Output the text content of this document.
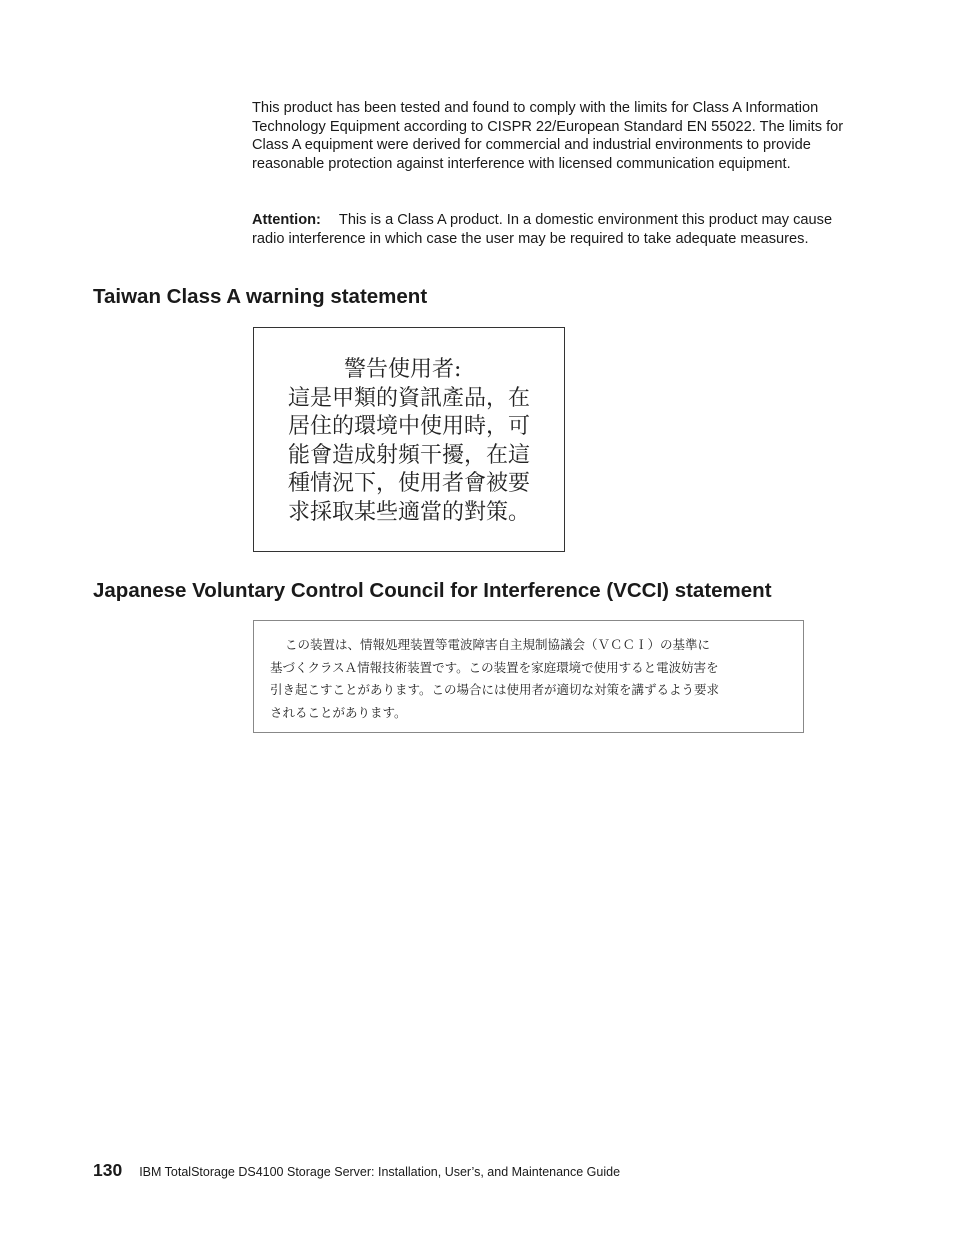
This product has been tested and found to comply with the limits for Class A Information Technology Equipment according to CISPR 22/European Standard EN 55022. The limits for Class A equipment were derived for commercial and industrial environments to provide reasonable protection against interference with licensed communication equipment.

Attention: This is a Class A product. In a domestic environment this product may cause radio interference in which case the user may be required to take adequate measures.

Taiwan Class A warning statement
警告使用者:
這是甲類的資訊產品，在
居住的環境中使用時，可
能會造成射頻干擾，在這
種情況下，使用者會被要
求採取某些適當的對策。
Japanese Voluntary Control Council for Interference (VCCI) statement
この装置は、情報処理装置等電波障害自主規制協議会（ＶＣＣＩ）の基準に
基づくクラスＡ情報技術装置です。この装置を家庭環境で使用すると電波妨害を
引き起こすことがあります。この場合には使用者が適切な対策を講ずるよう要求
されることがあります。
130 IBM TotalStorage DS4100 Storage Server: Installation, User’s, and Maintenance Guide
